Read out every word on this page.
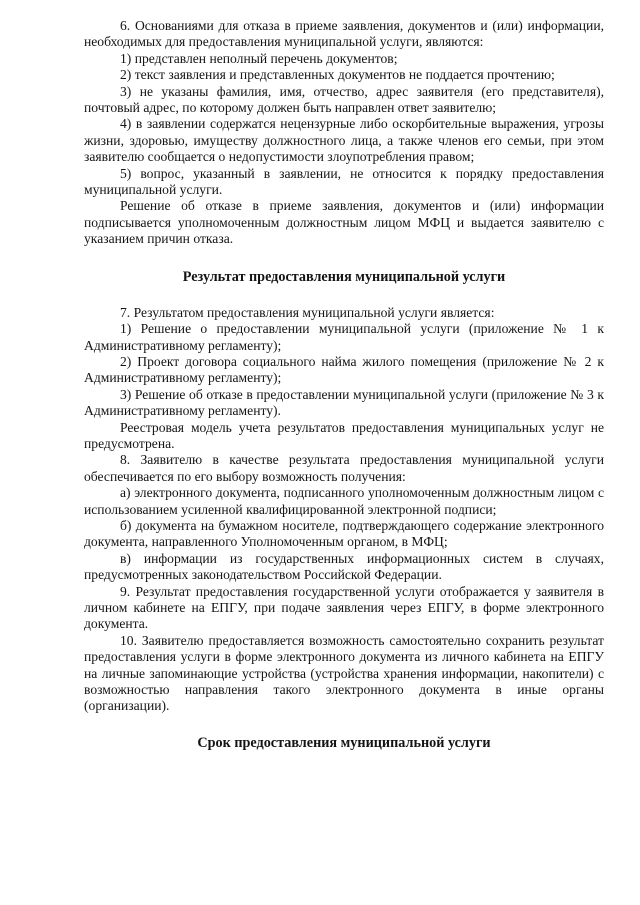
6. Основаниями для отказа в приеме заявления, документов и (или) информации, необходимых для предоставления муниципальной услуги, являются:

1) представлен неполный перечень документов;

2) текст заявления и представленных документов не поддается прочтению;

3) не указаны фамилия, имя, отчество, адрес заявителя (его представителя), почтовый адрес, по которому должен быть направлен ответ заявителю;

4) в заявлении содержатся нецензурные либо оскорбительные выражения, угрозы жизни, здоровью, имуществу должностного лица, а также членов его семьи, при этом заявителю сообщается о недопустимости злоупотребления правом;

5) вопрос, указанный в заявлении, не относится к порядку предоставления муниципальной услуги.

Решение об отказе в приеме заявления, документов и (или) информации подписывается уполномоченным должностным лицом МФЦ и выдается заявителю с указанием причин отказа.

Результат предоставления муниципальной услуги

7. Результатом предоставления муниципальной услуги является:

1) Решение о предоставлении муниципальной услуги (приложение № 1 к Административному регламенту);

2) Проект договора социального найма жилого помещения (приложение № 2 к Административному регламенту);

3) Решение об отказе в предоставлении муниципальной услуги (приложение № 3 к Административному регламенту).

Реестровая модель учета результатов предоставления муниципальных услуг не предусмотрена.

8. Заявителю в качестве результата предоставления муниципальной услуги обеспечивается по его выбору возможность получения:

а) электронного документа, подписанного уполномоченным должностным лицом с использованием усиленной квалифицированной электронной подписи;

б) документа на бумажном носителе, подтверждающего содержание электронного документа, направленного Уполномоченным органом, в МФЦ;

в) информации из государственных информационных систем в случаях, предусмотренных законодательством Российской Федерации.

9. Результат предоставления государственной услуги отображается у заявителя в личном кабинете на ЕПГУ, при подаче заявления через ЕПГУ, в форме электронного документа.

10. Заявителю предоставляется возможность самостоятельно сохранить результат предоставления услуги в форме электронного документа из личного кабинета на ЕПГУ на личные запоминающие устройства (устройства хранения информации, накопители) с возможностью направления такого электронного документа в иные органы (организации).

Срок предоставления муниципальной услуги
